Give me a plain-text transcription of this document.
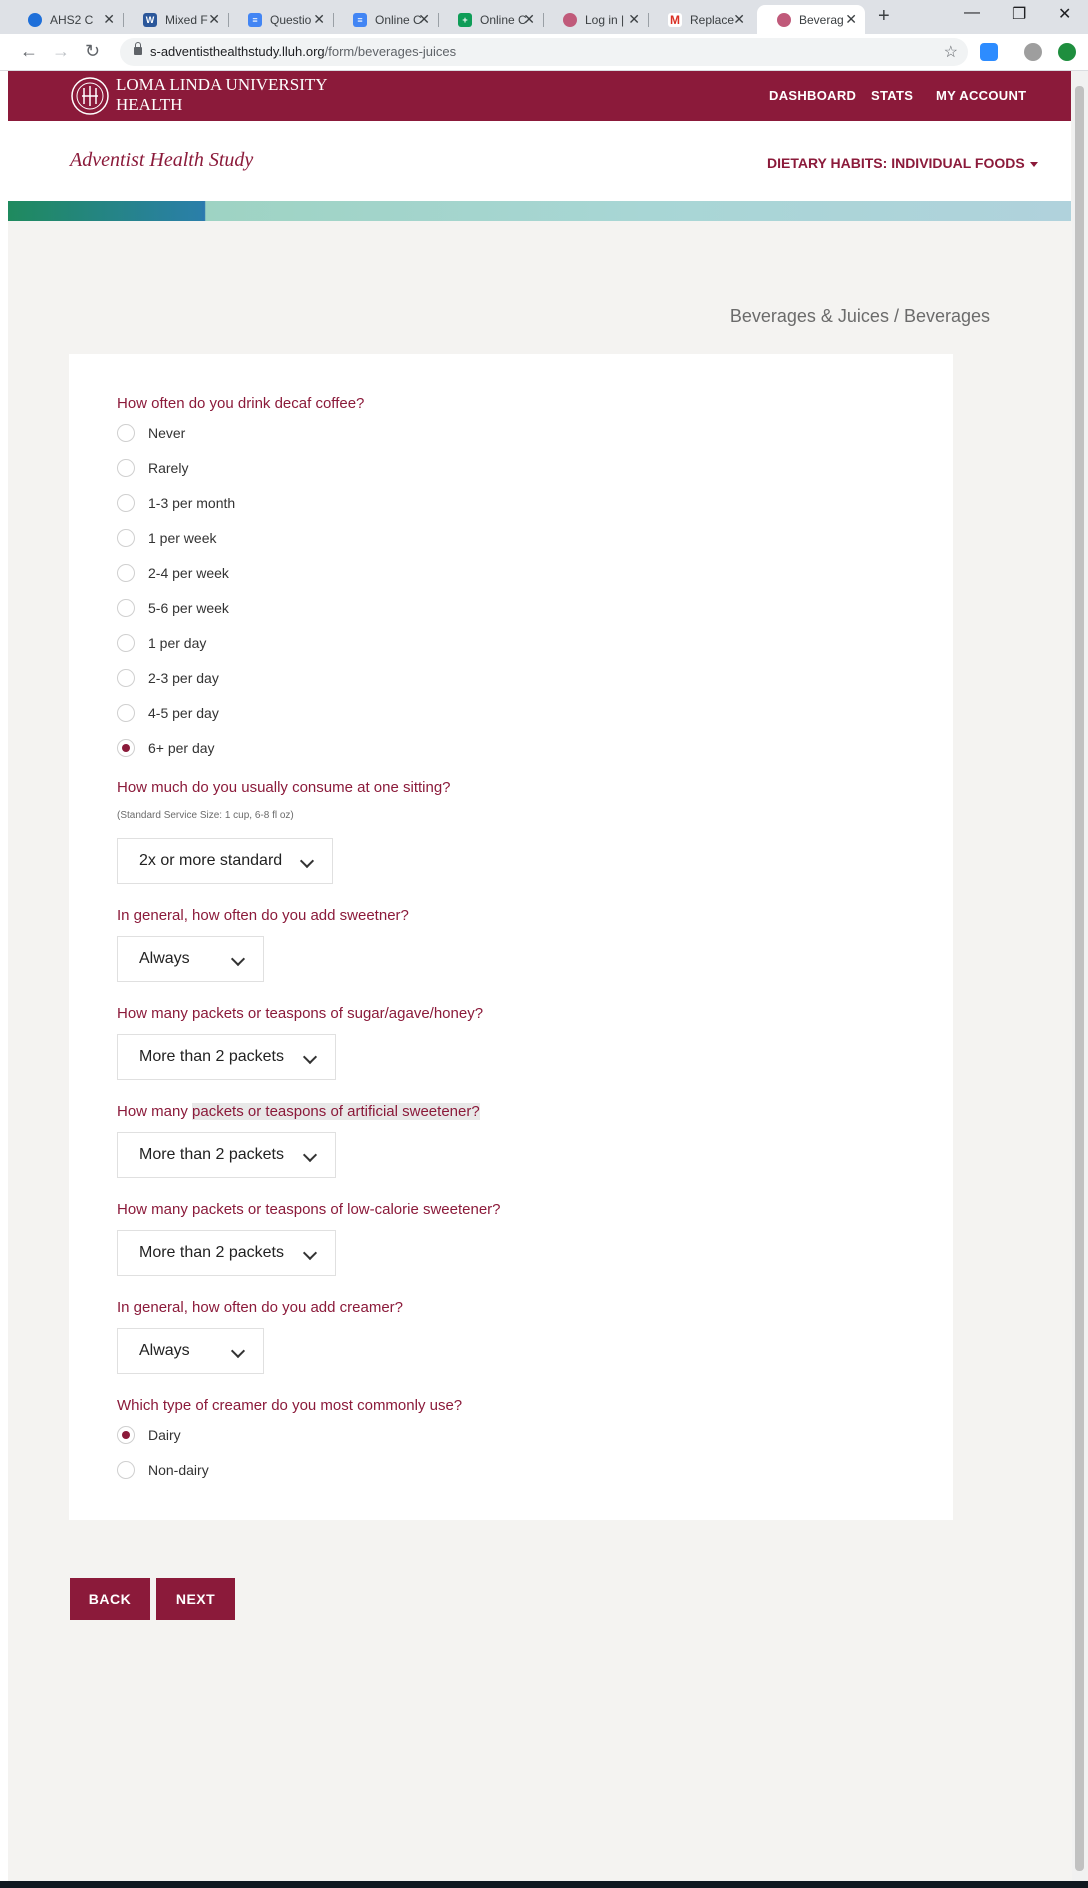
AHS2 C ✕	W Mixed F ✕	≡	Questio ✕	≡	Online C
✕	+	Online C
✕	Log in | ✕	M Replace ✕	Beverag ✕ +	— ❐ ✕
← → ↻	s-adventisthealthstudy.lluh.org/form/beverages-juices	☆
LOMA LINDA UNIVERSITY HEALTH	DASHBOARD STATS MY ACCOUNT
Adventist Health Study	DIETARY HABITS: INDIVIDUAL FOODS
Beverages & Juices / Beverages
How often do you drink decaf coffee?
Never
Rarely
1-3 per month
1 per week
2-4 per week
5-6 per week
1 per day
2-3 per day
4-5 per day
6+ per day
How much do you usually consume at one sitting?
(Standard Service Size: 1 cup, 6-8 fl oz)
2x or more standard
In general, how often do you add sweetner?
Always
How many packets or teaspons of sugar/agave/honey?
More than 2 packets
How many packets or teaspons of artificial sweetener?
More than 2 packets
How many packets or teaspons of low-calorie sweetener?
More than 2 packets
In general, how often do you add creamer?
Always
Which type of creamer do you most commonly use?
Dairy
Non-dairy
BACK	NEXT
